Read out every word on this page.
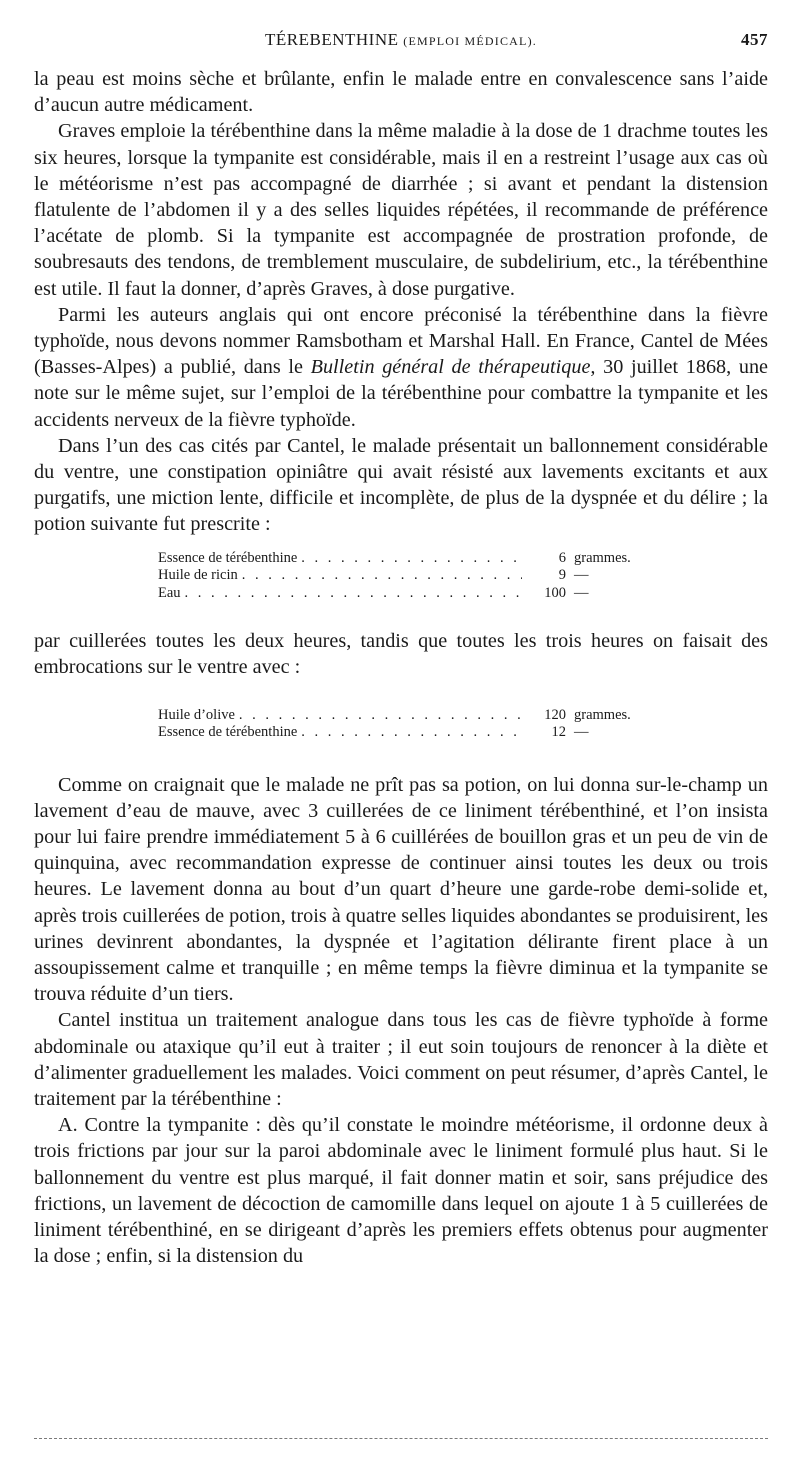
TÉREBENTHINE (EMPLOI MÉDICAL).	457

la peau est moins sèche et brûlante, enfin le malade entre en convalescence sans l’aide d’aucun autre médicament.

Graves emploie la térébenthine dans la même maladie à la dose de 1 drachme toutes les six heures, lorsque la tympanite est considérable, mais il en a restreint l’usage aux cas où le météorisme n’est pas accompagné de diarrhée ; si avant et pendant la distension flatulente de l’abdomen il y a des selles liquides répétées, il recommande de préférence l’acétate de plomb. Si la tympanite est accompagnée de prostration profonde, de soubresauts des tendons, de tremblement musculaire, de subdelirium, etc., la térébenthine est utile. Il faut la donner, d’après Graves, à dose purgative.

Parmi les auteurs anglais qui ont encore préconisé la térébenthine dans la fièvre typhoïde, nous devons nommer Ramsbotham et Marshal Hall. En France, Cantel de Mées (Basses-Alpes) a publié, dans le Bulletin général de thérapeutique, 30 juillet 1868, une note sur le même sujet, sur l’emploi de la térébenthine pour combattre la tympanite et les accidents nerveux de la fièvre typhoïde.

Dans l’un des cas cités par Cantel, le malade présentait un ballonnement considérable du ventre, une constipation opiniâtre qui avait résisté aux lavements excitants et aux purgatifs, une miction lente, difficile et incomplète, de plus de la dyspnée et du délire ; la potion suivante fut prescrite :

Essence de térébenthine . . .	6 grammes.
Huile de ricin . . .	9 —
Eau . . .	100 —

par cuillerées toutes les deux heures, tandis que toutes les trois heures on faisait des embrocations sur le ventre avec :

Huile d’olive . . .	120 grammes.
Essence de térébenthine . . .	12 —

Comme on craignait que le malade ne prît pas sa potion, on lui donna sur-le-champ un lavement d’eau de mauve, avec 3 cuillerées de ce liniment térébenthiné, et l’on insista pour lui faire prendre immédiatement 5 à 6 cuillérées de bouillon gras et un peu de vin de quinquina, avec recommandation expresse de continuer ainsi toutes les deux ou trois heures. Le lavement donna au bout d’un quart d’heure une garde-robe demi-solide et, après trois cuillerées de potion, trois à quatre selles liquides abondantes se produisirent, les urines devinrent abondantes, la dyspnée et l’agitation délirante firent place à un assoupissement calme et tranquille ; en même temps la fièvre diminua et la tympanite se trouva réduite d’un tiers.

Cantel institua un traitement analogue dans tous les cas de fièvre typhoïde à forme abdominale ou ataxique qu’il eut à traiter ; il eut soin toujours de renoncer à la diète et d’alimenter graduellement les malades. Voici comment on peut résumer, d’après Cantel, le traitement par la térébenthine :

A. Contre la tympanite : dès qu’il constate le moindre météorisme, il ordonne deux à trois frictions par jour sur la paroi abdominale avec le liniment formulé plus haut. Si le ballonnement du ventre est plus marqué, il fait donner matin et soir, sans préjudice des frictions, un lavement de décoction de camomille dans lequel on ajoute 1 à 5 cuillerées de liniment térébenthiné, en se dirigeant d’après les premiers effets obtenus pour augmenter la dose ; enfin, si la distension du
